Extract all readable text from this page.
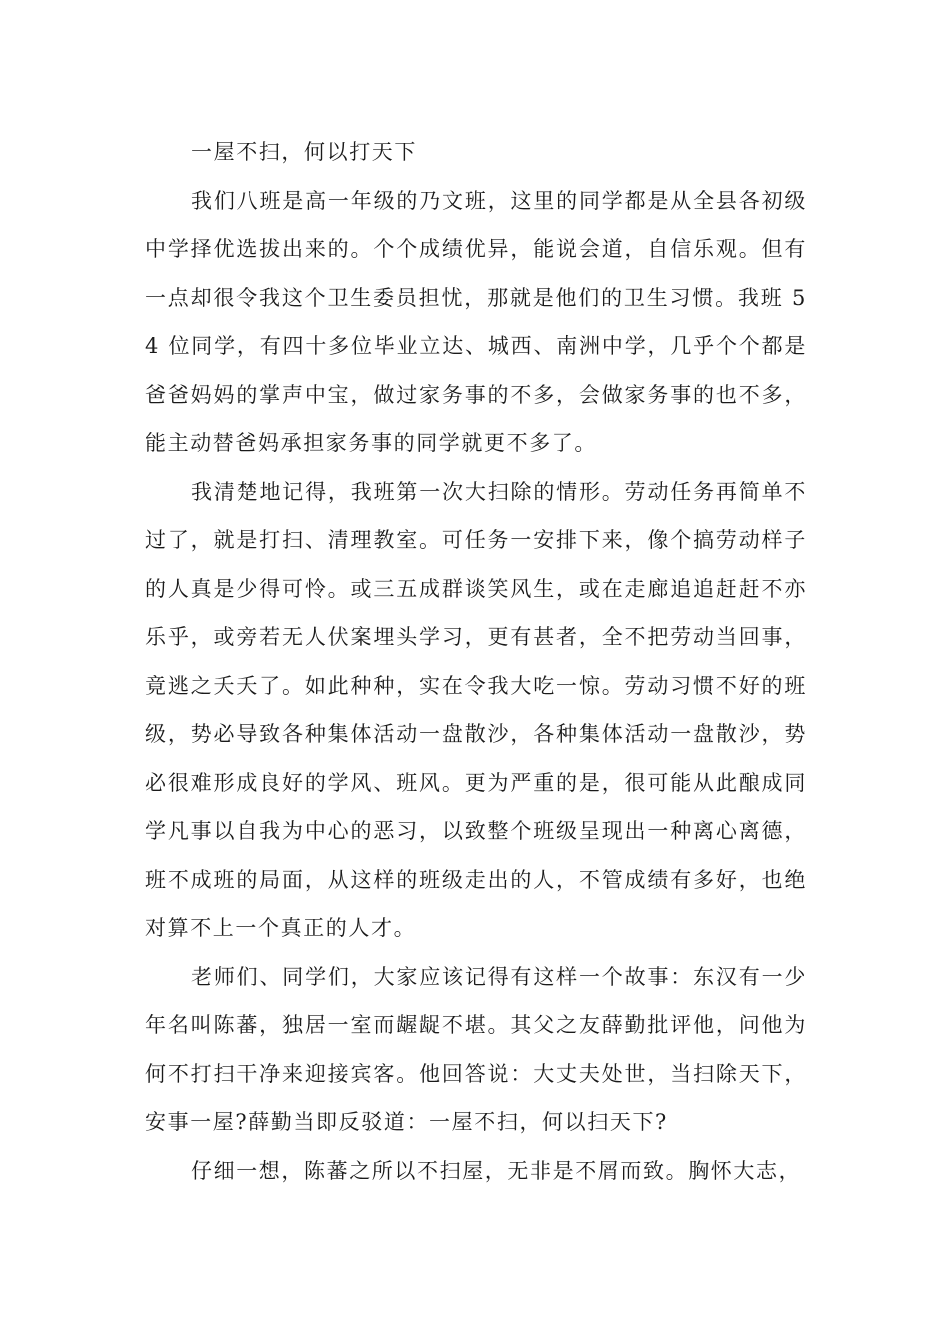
一屋不扫，何以打天下

我们八班是高一年级的乃文班，这里的同学都是从全县各初级中学择优选拔出来的。个个成绩优异，能说会道，自信乐观。但有一点却很令我这个卫生委员担忧，那就是他们的卫生习惯。我班 54 位同学，有四十多位毕业立达、城西、南洲中学，几乎个个都是爸爸妈妈的掌声中宝，做过家务事的不多，会做家务事的也不多，能主动替爸妈承担家务事的同学就更不多了。

我清楚地记得，我班第一次大扫除的情形。劳动任务再简单不过了，就是打扫、清理教室。可任务一安排下来，像个搞劳动样子的人真是少得可怜。或三五成群谈笑风生，或在走廊追追赶赶不亦乐乎，或旁若无人伏案埋头学习，更有甚者，全不把劳动当回事，竟逃之夭夭了。如此种种，实在令我大吃一惊。劳动习惯不好的班级，势必导致各种集体活动一盘散沙，各种集体活动一盘散沙，势必很难形成良好的学风、班风。更为严重的是，很可能从此酿成同学凡事以自我为中心的恶习，以致整个班级呈现出一种离心离德，班不成班的局面，从这样的班级走出的人，不管成绩有多好，也绝对算不上一个真正的人才。

老师们、同学们，大家应该记得有这样一个故事：东汉有一少年名叫陈蕃，独居一室而龌龊不堪。其父之友薛勤批评他，问他为何不打扫干净来迎接宾客。他回答说：大丈夫处世，当扫除天下，安事一屋?薛勤当即反驳道：一屋不扫，何以扫天下?

仔细一想，陈蕃之所以不扫屋，无非是不屑而致。胸怀大志，
